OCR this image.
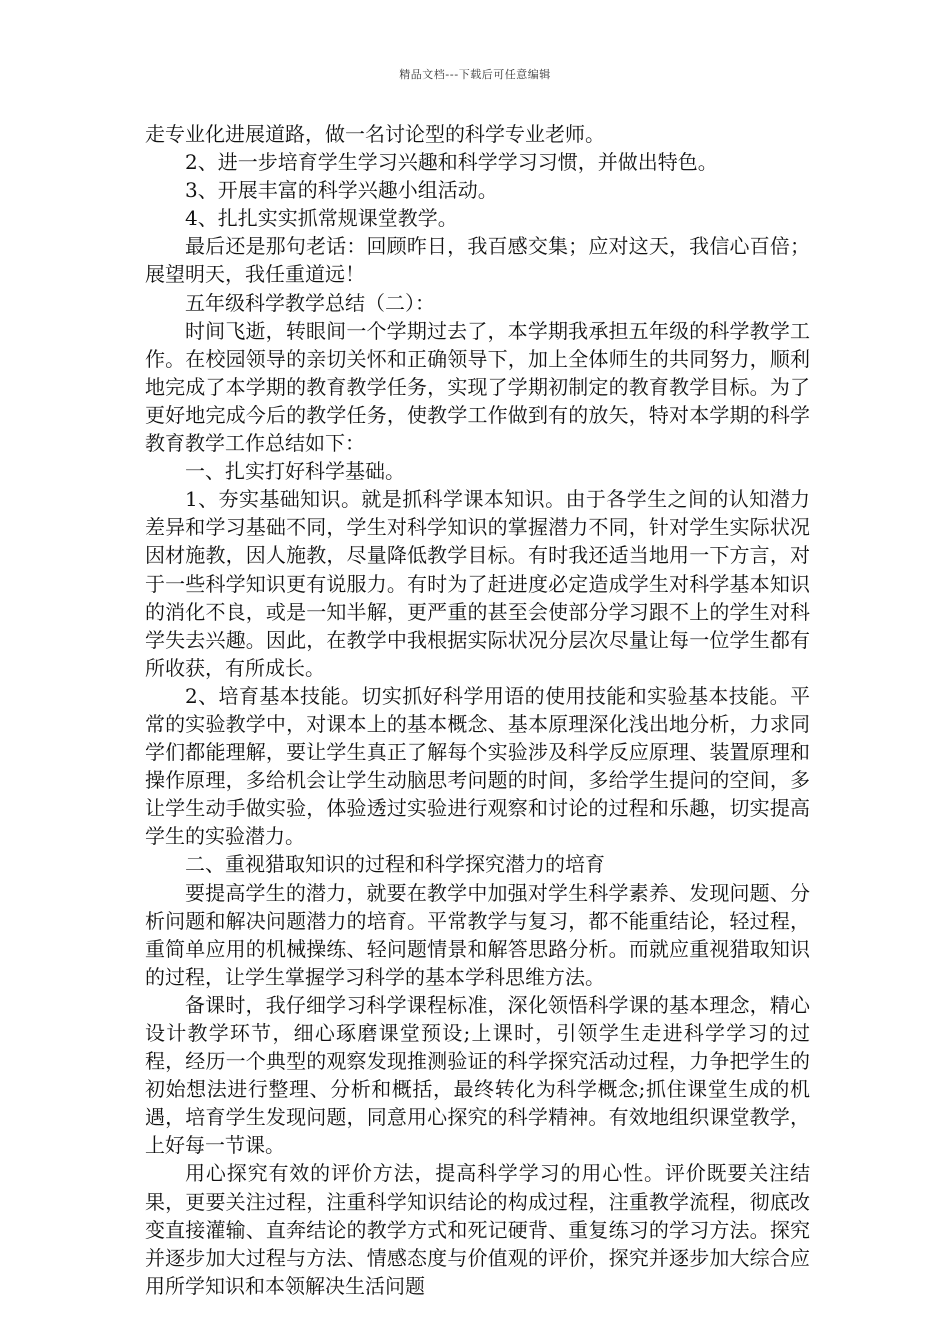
精品文档---下载后可任意编辑

走专业化进展道路，做一名讨论型的科学专业老师。

2、进一步培育学生学习兴趣和科学学习习惯，并做出特色。

3、开展丰富的科学兴趣小组活动。

4、扎扎实实抓常规课堂教学。

最后还是那句老话：回顾昨日，我百感交集；应对这天，我信心百倍；展望明天，我任重道远！

五年级科学教学总结（二）：

时间飞逝，转眼间一个学期过去了，本学期我承担五年级的科学教学工作。在校园领导的亲切关怀和正确领导下，加上全体师生的共同努力，顺利地完成了本学期的教育教学任务，实现了学期初制定的教育教学目标。为了更好地完成今后的教学任务，使教学工作做到有的放矢，特对本学期的科学教育教学工作总结如下：

一、扎实打好科学基础。

1、夯实基础知识。就是抓科学课本知识。由于各学生之间的认知潜力差异和学习基础不同，学生对科学知识的掌握潜力不同，针对学生实际状况因材施教，因人施教，尽量降低教学目标。有时我还适当地用一下方言，对于一些科学知识更有说服力。有时为了赶进度必定造成学生对科学基本知识的消化不良，或是一知半解，更严重的甚至会使部分学习跟不上的学生对科学失去兴趣。因此，在教学中我根据实际状况分层次尽量让每一位学生都有所收获，有所成长。

2、培育基本技能。切实抓好科学用语的使用技能和实验基本技能。平常的实验教学中，对课本上的基本概念、基本原理深化浅出地分析，力求同学们都能理解，要让学生真正了解每个实验涉及科学反应原理、装置原理和操作原理，多给机会让学生动脑思考问题的时间，多给学生提问的空间，多让学生动手做实验，体验透过实验进行观察和讨论的过程和乐趣，切实提高学生的实验潜力。

二、重视猎取知识的过程和科学探究潜力的培育

要提高学生的潜力，就要在教学中加强对学生科学素养、发现问题、分析问题和解决问题潜力的培育。平常教学与复习，都不能重结论，轻过程，重简单应用的机械操练、轻问题情景和解答思路分析。而就应重视猎取知识的过程，让学生掌握学习科学的基本学科思维方法。

备课时，我仔细学习科学课程标准，深化领悟科学课的基本理念，精心设计教学环节，细心琢磨课堂预设;上课时，引领学生走进科学学习的过程，经历一个典型的观察发现推测验证的科学探究活动过程，力争把学生的初始想法进行整理、分析和概括，最终转化为科学概念;抓住课堂生成的机遇，培育学生发现问题，同意用心探究的科学精神。有效地组织课堂教学，上好每一节课。

用心探究有效的评价方法，提高科学学习的用心性。评价既要关注结果，更要关注过程，注重科学知识结论的构成过程，注重教学流程，彻底改变直接灌输、直奔结论的教学方式和死记硬背、重复练习的学习方法。探究并逐步加大过程与方法、情感态度与价值观的评价，探究并逐步加大综合应用所学知识和本领解决生活问题
